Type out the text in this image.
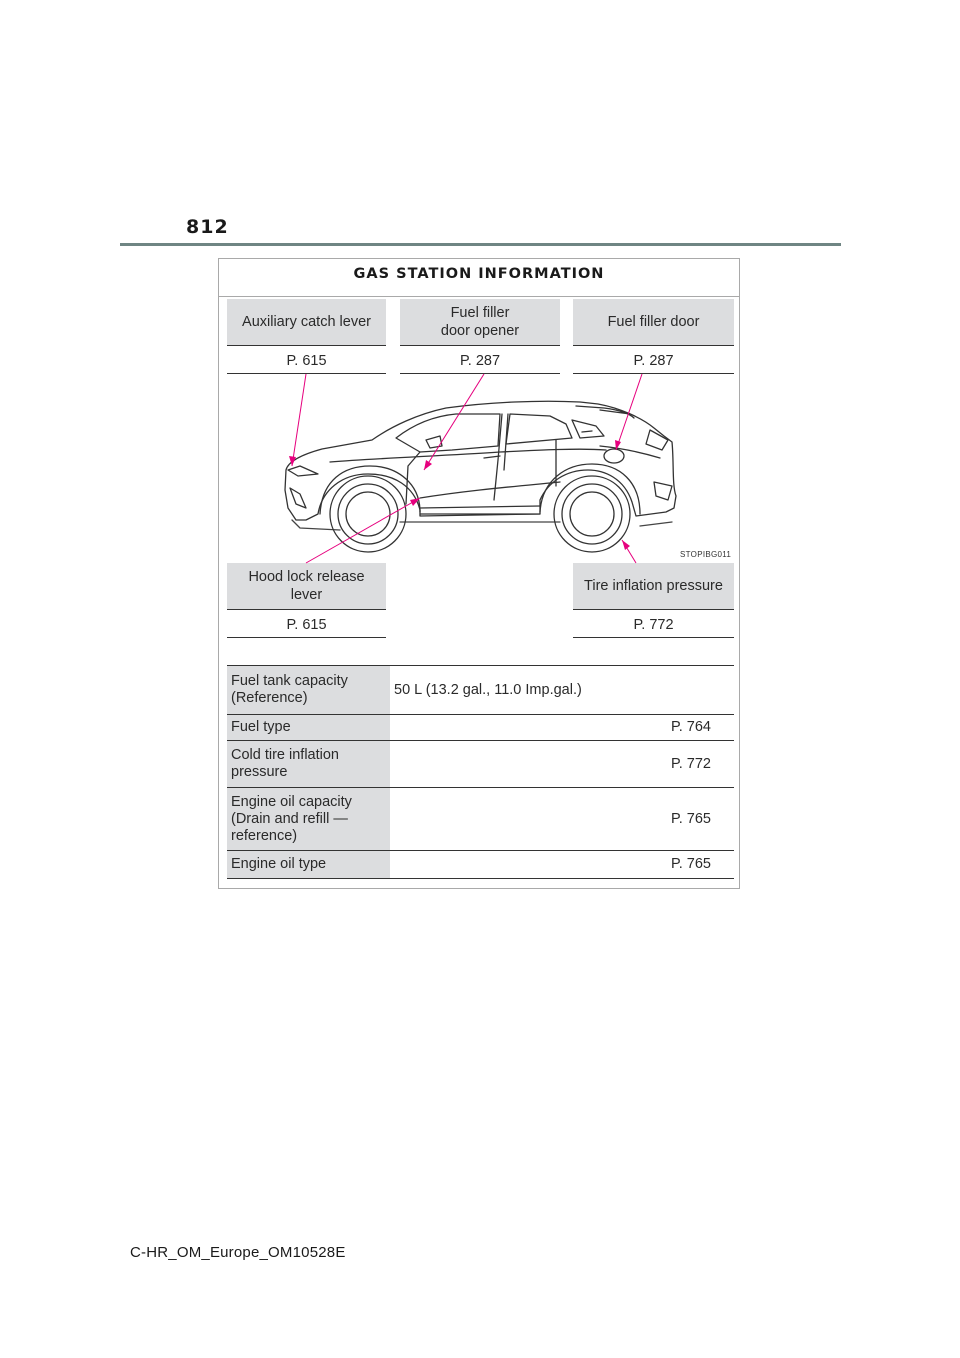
812
GAS STATION INFORMATION
Auxiliary catch lever
P. 615
Fuel filler
door opener
P. 287
Fuel filler door
P. 287
Hood lock release
lever
P. 615
Tire inflation pressure
P. 772
STOPIBG011
Fuel tank capacity
(Reference)	50 L (13.2 gal., 11.0 Imp.gal.)
Fuel type	P. 764
Cold tire inflation
pressure	P. 772
Engine oil capacity
(Drain and refill —
reference)	P. 765
Engine oil type	P. 765
C-HR_OM_Europe_OM10528E
